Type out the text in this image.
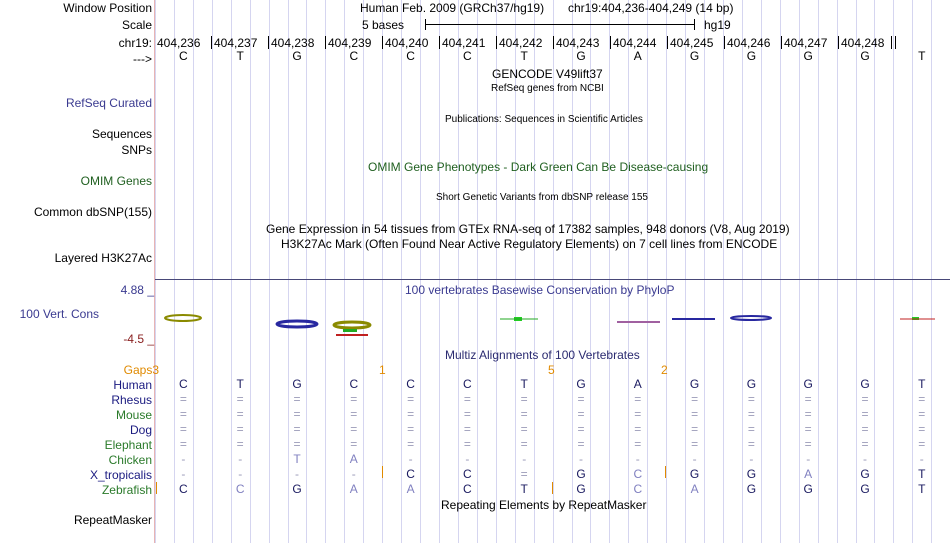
Window Position
Scale
chr19:
--->
Human Feb. 2009 (GRCh37/hg19) chr19:404,236-404,249 (14 bp)
5 bases	hg19
404,236 404,237 404,238 404,239 404,240 404,241 404,242 404,243 404,244 404,245 404,246 404,247 404,248
C	T	G	C	C	C	T	G	A	G	G	G	G	T
GENCODE V49lift37
RefSeq genes from NCBI
RefSeq Curated
Publications: Sequences in Scientific Articles
Sequences
SNPs
OMIM Gene Phenotypes - Dark Green Can Be Disease-causing
OMIM Genes
Short Genetic Variants from dbSNP release 155
Common dbSNP(155)
Gene Expression in 54 tissues from GTEx RNA-seq of 17382 samples, 948 donors (V8, Aug 2019)
H3K27Ac Mark (Often Found Near Active Regulatory Elements) on 7 cell lines from ENCODE
Layered H3K27Ac
4.88 _	100 vertebrates Basewise Conservation by PhyloP
100 Vert. Cons
-4.5 _
Multiz Alignments of 100 Vertebrates
Gaps3	1	5	2
Human	C	T	G	C	C	C	T	G	A	G	G	G	G	T
Rhesus	=	=	=	=	=	=	=	=	=	=	=	=	=	=
Mouse	=	=	=	=	=	=	=	=	=	=	=	=	=	=
Dog	=	=	=	=	=	=	=	=	=	=	=	=	=	=
Elephant	=	=	=	=	=	=	=	=	=	=	=	=	=	=
Chicken	-	-	T	A	-	-	-	-	-	-	-	-	-	-
X_tropicalis	-	-	-	-	C	C	=	G	C	G	G	A	G	T
Zebrafish	C	C	G	A	A	C	T	G	C	A	G	G	G	T
Repeating Elements by RepeatMasker
RepeatMasker
